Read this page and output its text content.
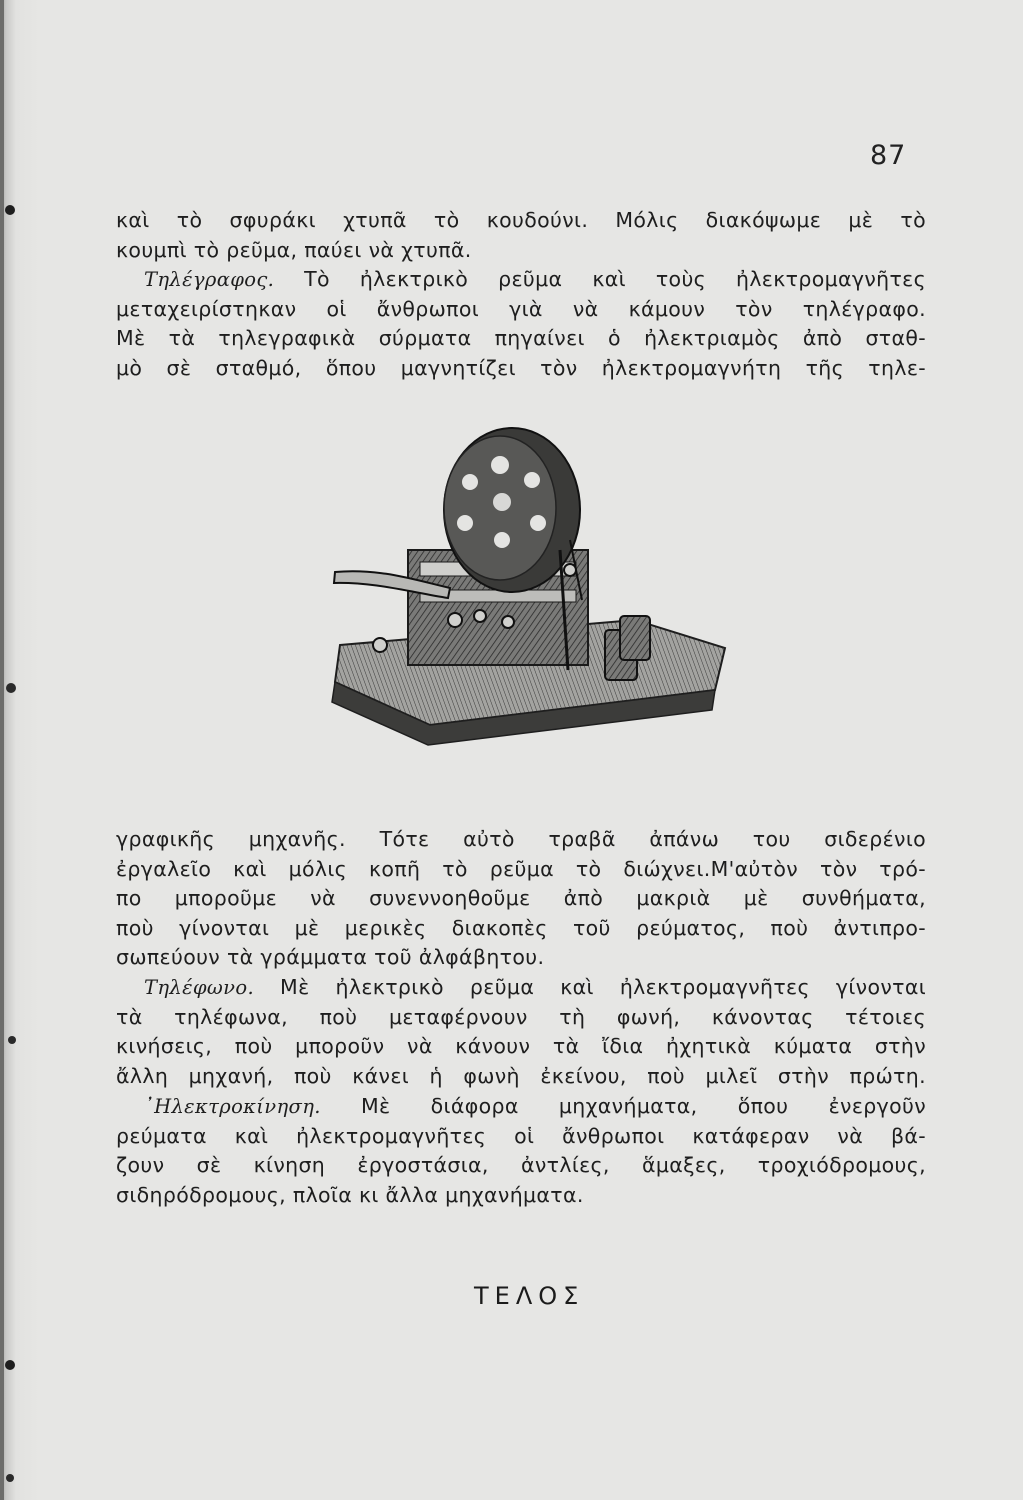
87

καὶ τὸ σφυράκι χτυπᾶ τὸ κουδούνι. Μόλις διακόψωμε μὲ τὸ
κουμπὶ τὸ ρεῦμα, παύει νὰ χτυπᾶ.

Τηλέγραφος. Τὸ ἠλεκτρικὸ ρεῦμα καὶ τοὺς ἠλεκτρομαγνῆτες
μεταχειρίστηκαν οἱ ἄνθρωποι γιὰ νὰ κάμουν τὸν τηλέγραφο.
Μὲ τὰ τηλεγραφικὰ σύρματα πηγαίνει ὁ ἠλεκτριαμὸς ἀπὸ σταθ-
μὸ σὲ σταθμό, ὅπου μαγνητίζει τὸν ἠλεκτρομαγνήτη τῆς τηλε-

γραφικῆς μηχανῆς. Τότε αὐτὸ τραβᾶ ἀπάνω του σιδερένιο
ἐργαλεῖο καὶ μόλις κοπῆ τὸ ρεῦμα τὸ διώχνει.Μ'αὐτὸν τὸν τρό-
πο μποροῦμε νὰ συνεννοηθοῦμε ἀπὸ μακριὰ μὲ συνθήματα,
ποὺ γίνονται μὲ μερικὲς διακοπὲς τοῦ ρεύματος, ποὺ ἀντιπρο-
σωπεύουν τὰ γράμματα τοῦ ἀλφάβητου.

Τηλέφωνο. Μὲ ἠλεκτρικὸ ρεῦμα καὶ ἠλεκτρομαγνῆτες γίνονται
τὰ τηλέφωνα, ποὺ μεταφέρνουν τὴ φωνή, κάνοντας τέτοιες
κινήσεις, ποὺ μποροῦν νὰ κάνουν τὰ ἴδια ἠχητικὰ κύματα στὴν
ἄλλη μηχανή, ποὺ κάνει ἡ φωνὴ ἐκείνου, ποὺ μιλεῖ στὴν πρώτη.

᾿Ηλεκτροκίνηση. Μὲ διάφορα μηχανήματα, ὅπου ἐνεργοῦν
ρεύματα καὶ ἠλεκτρομαγνῆτες οἱ ἄνθρωποι κατάφεραν νὰ βά-
ζουν σὲ κίνηση ἐργοστάσια, ἀντλίες, ἅμαξες, τροχιόδρομους,
σιδηρόδρομους, πλοῖα κι ἄλλα μηχανήματα.

ΤΕΛΟΣ
